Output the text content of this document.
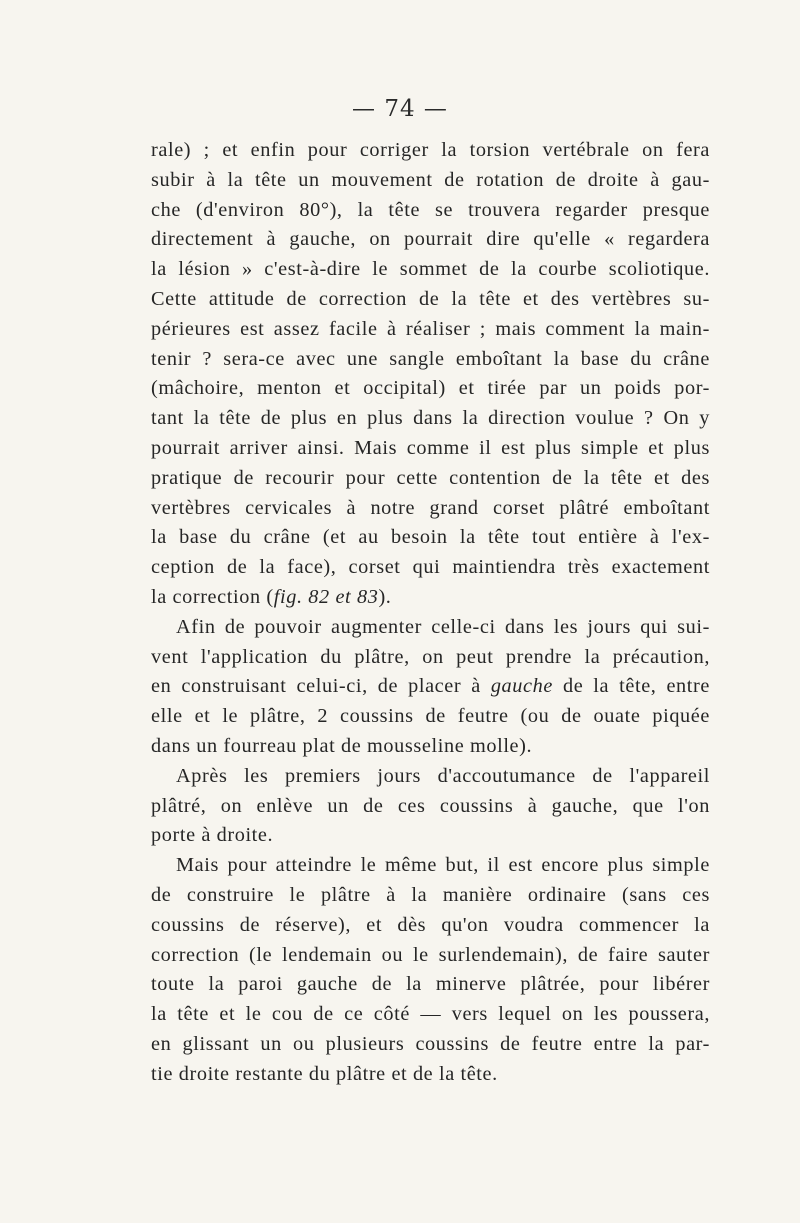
— 74 —

rale) ; et enfin pour corriger la torsion vertébrale on fera
subir à la tête un mouvement de rotation de droite à gau-
che (d'environ 80°), la tête se trouvera regarder presque
directement à gauche, on pourrait dire qu'elle « regardera
la lésion » c'est-à-dire le sommet de la courbe scoliotique.
Cette attitude de correction de la tête et des vertèbres su-
périeures est assez facile à réaliser ; mais comment la main-
tenir ? sera-ce avec une sangle emboîtant la base du crâne
(mâchoire, menton et occipital) et tirée par un poids por-
tant la tête de plus en plus dans la direction voulue ? On y
pourrait arriver ainsi. Mais comme il est plus simple et plus
pratique de recourir pour cette contention de la tête et des
vertèbres cervicales à notre grand corset plâtré emboîtant
la base du crâne (et au besoin la tête tout entière à l'ex-
ception de la face), corset qui maintiendra très exactement
la correction (fig. 82 et 83).

Afin de pouvoir augmenter celle-ci dans les jours qui sui-
vent l'application du plâtre, on peut prendre la précaution,
en construisant celui-ci, de placer à gauche de la tête, entre
elle et le plâtre, 2 coussins de feutre (ou de ouate piquée
dans un fourreau plat de mousseline molle).

Après les premiers jours d'accoutumance de l'appareil
plâtré, on enlève un de ces coussins à gauche, que l'on
porte à droite.

Mais pour atteindre le même but, il est encore plus simple
de construire le plâtre à la manière ordinaire (sans ces
coussins de réserve), et dès qu'on voudra commencer la
correction (le lendemain ou le surlendemain), de faire sauter
toute la paroi gauche de la minerve plâtrée, pour libérer
la tête et le cou de ce côté — vers lequel on les poussera,
en glissant un ou plusieurs coussins de feutre entre la par-
tie droite restante du plâtre et de la tête.
